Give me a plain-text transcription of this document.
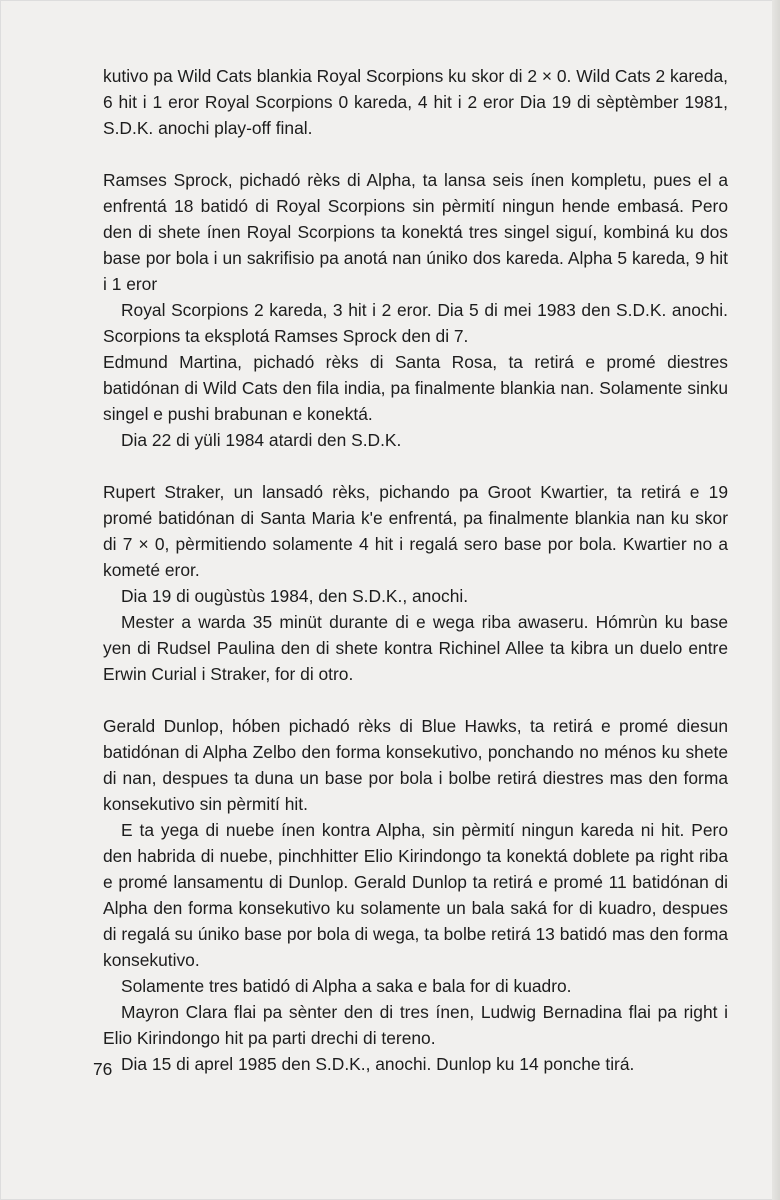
kutivo pa Wild Cats blankia Royal Scorpions ku skor di 2 × 0. Wild Cats 2 kareda, 6 hit i 1 eror Royal Scorpions 0 kareda, 4 hit i 2 eror Dia 19 di sèptèmber 1981, S.D.K. anochi play-off final.

Ramses Sprock, pichadó rèks di Alpha, ta lansa seis ínen kompletu, pues el a enfrentá 18 batidó di Royal Scorpions sin pèrmití ningun hende embasá. Pero den di shete ínen Royal Scorpions ta konektá tres singel siguí, kombiná ku dos base por bola i un sakrifisio pa anotá nan úniko dos kareda. Alpha 5 kareda, 9 hit i 1 eror

Royal Scorpions 2 kareda, 3 hit i 2 eror. Dia 5 di mei 1983 den S.D.K. anochi. Scorpions ta eksplotá Ramses Sprock den di 7.

Edmund Martina, pichadó rèks di Santa Rosa, ta retirá e promé diestres batidónan di Wild Cats den fila india, pa finalmente blankia nan. Solamente sinku singel e pushi brabunan e konektá.

Dia 22 di yüli 1984 atardi den S.D.K.

Rupert Straker, un lansadó rèks, pichando pa Groot Kwartier, ta retirá e 19 promé batidónan di Santa Maria k'e enfrentá, pa finalmente blankia nan ku skor di 7 × 0, pèrmitiendo solamente 4 hit i regalá sero base por bola. Kwartier no a kometé eror.

Dia 19 di ougùstùs 1984, den S.D.K., anochi.

Mester a warda 35 minüt durante di e wega riba awaseru. Hómrùn ku base yen di Rudsel Paulina den di shete kontra Richinel Allee ta kibra un duelo entre Erwin Curial i Straker, for di otro.

Gerald Dunlop, hóben pichadó rèks di Blue Hawks, ta retirá e promé diesun batidónan di Alpha Zelbo den forma konsekutivo, ponchando no ménos ku shete di nan, despues ta duna un base por bola i bolbe retirá diestres mas den forma konsekutivo sin pèrmití hit.

E ta yega di nuebe ínen kontra Alpha, sin pèrmití ningun kareda ni hit. Pero den habrida di nuebe, pinchhitter Elio Kirindongo ta konektá doblete pa right riba e promé lansamentu di Dunlop. Gerald Dunlop ta retirá e promé 11 batidónan di Alpha den forma konsekutivo ku solamente un bala saká for di kuadro, despues di regalá su úniko base por bola di wega, ta bolbe retirá 13 batidó mas den forma konsekutivo.

Solamente tres batidó di Alpha a saka e bala for di kuadro.

Mayron Clara flai pa sènter den di tres ínen, Ludwig Bernadina flai pa right i Elio Kirindongo hit pa parti drechi di tereno.

Dia 15 di aprel 1985 den S.D.K., anochi. Dunlop ku 14 ponche tirá.

76
